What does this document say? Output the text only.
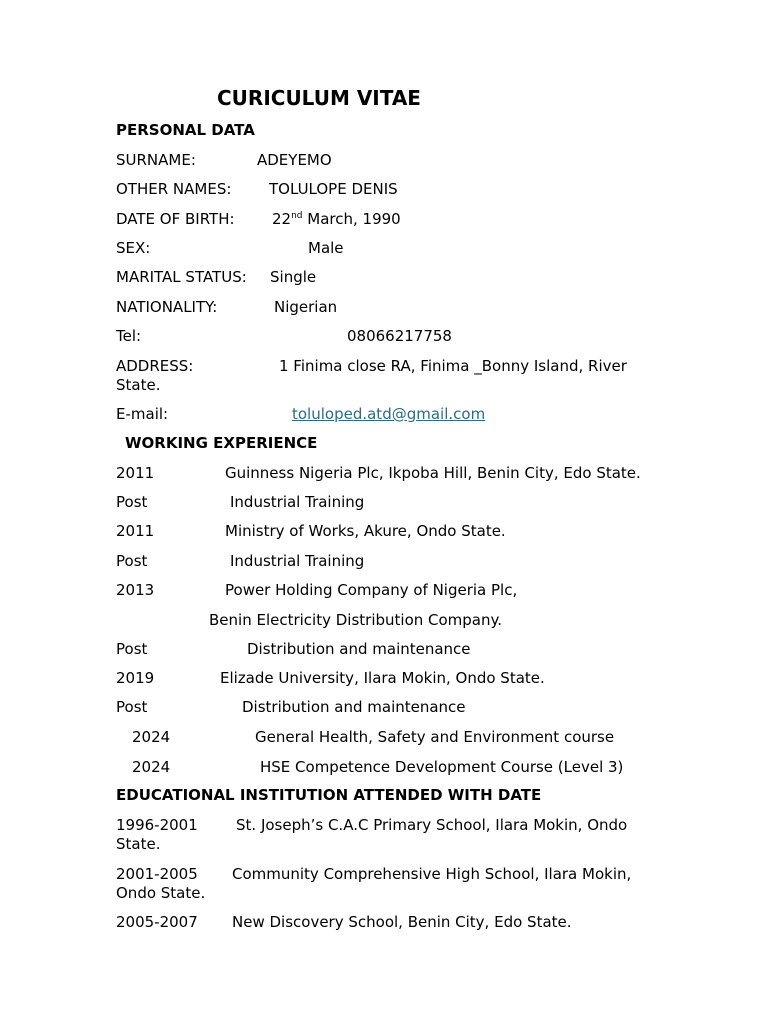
CURICULUM VITAE
PERSONAL DATA
SURNAME:	ADEYEMO
OTHER NAMES:	TOLULOPE DENIS
DATE OF BIRTH: 22nd March, 1990
SEX:	Male
MARITAL STATUS: Single
NATIONALITY:	Nigerian
Tel:	08066217758
ADDRESS:	1 Finima close RA, Finima _Bonny Island, River
State.
E-mail:	toluloped.atd@gmail.com
WORKING EXPERIENCE
2011	Guinness Nigeria Plc, Ikpoba Hill, Benin City, Edo State.
Post	Industrial Training
2011	Ministry of Works, Akure, Ondo State.
Post	Industrial Training
2013	Power Holding Company of Nigeria Plc,
Benin Electricity Distribution Company.
Post	Distribution and maintenance
2019	Elizade University, Ilara Mokin, Ondo State.
Post	Distribution and maintenance
2024	General Health, Safety and Environment course
2024	HSE Competence Development Course (Level 3)
EDUCATIONAL INSTITUTION ATTENDED WITH DATE
1996-2001	St. Joseph’s C.A.C Primary School, Ilara Mokin, Ondo
State.
2001-2005 Community Comprehensive High School, Ilara Mokin,
Ondo State.
2005-2007 New Discovery School, Benin City, Edo State.
